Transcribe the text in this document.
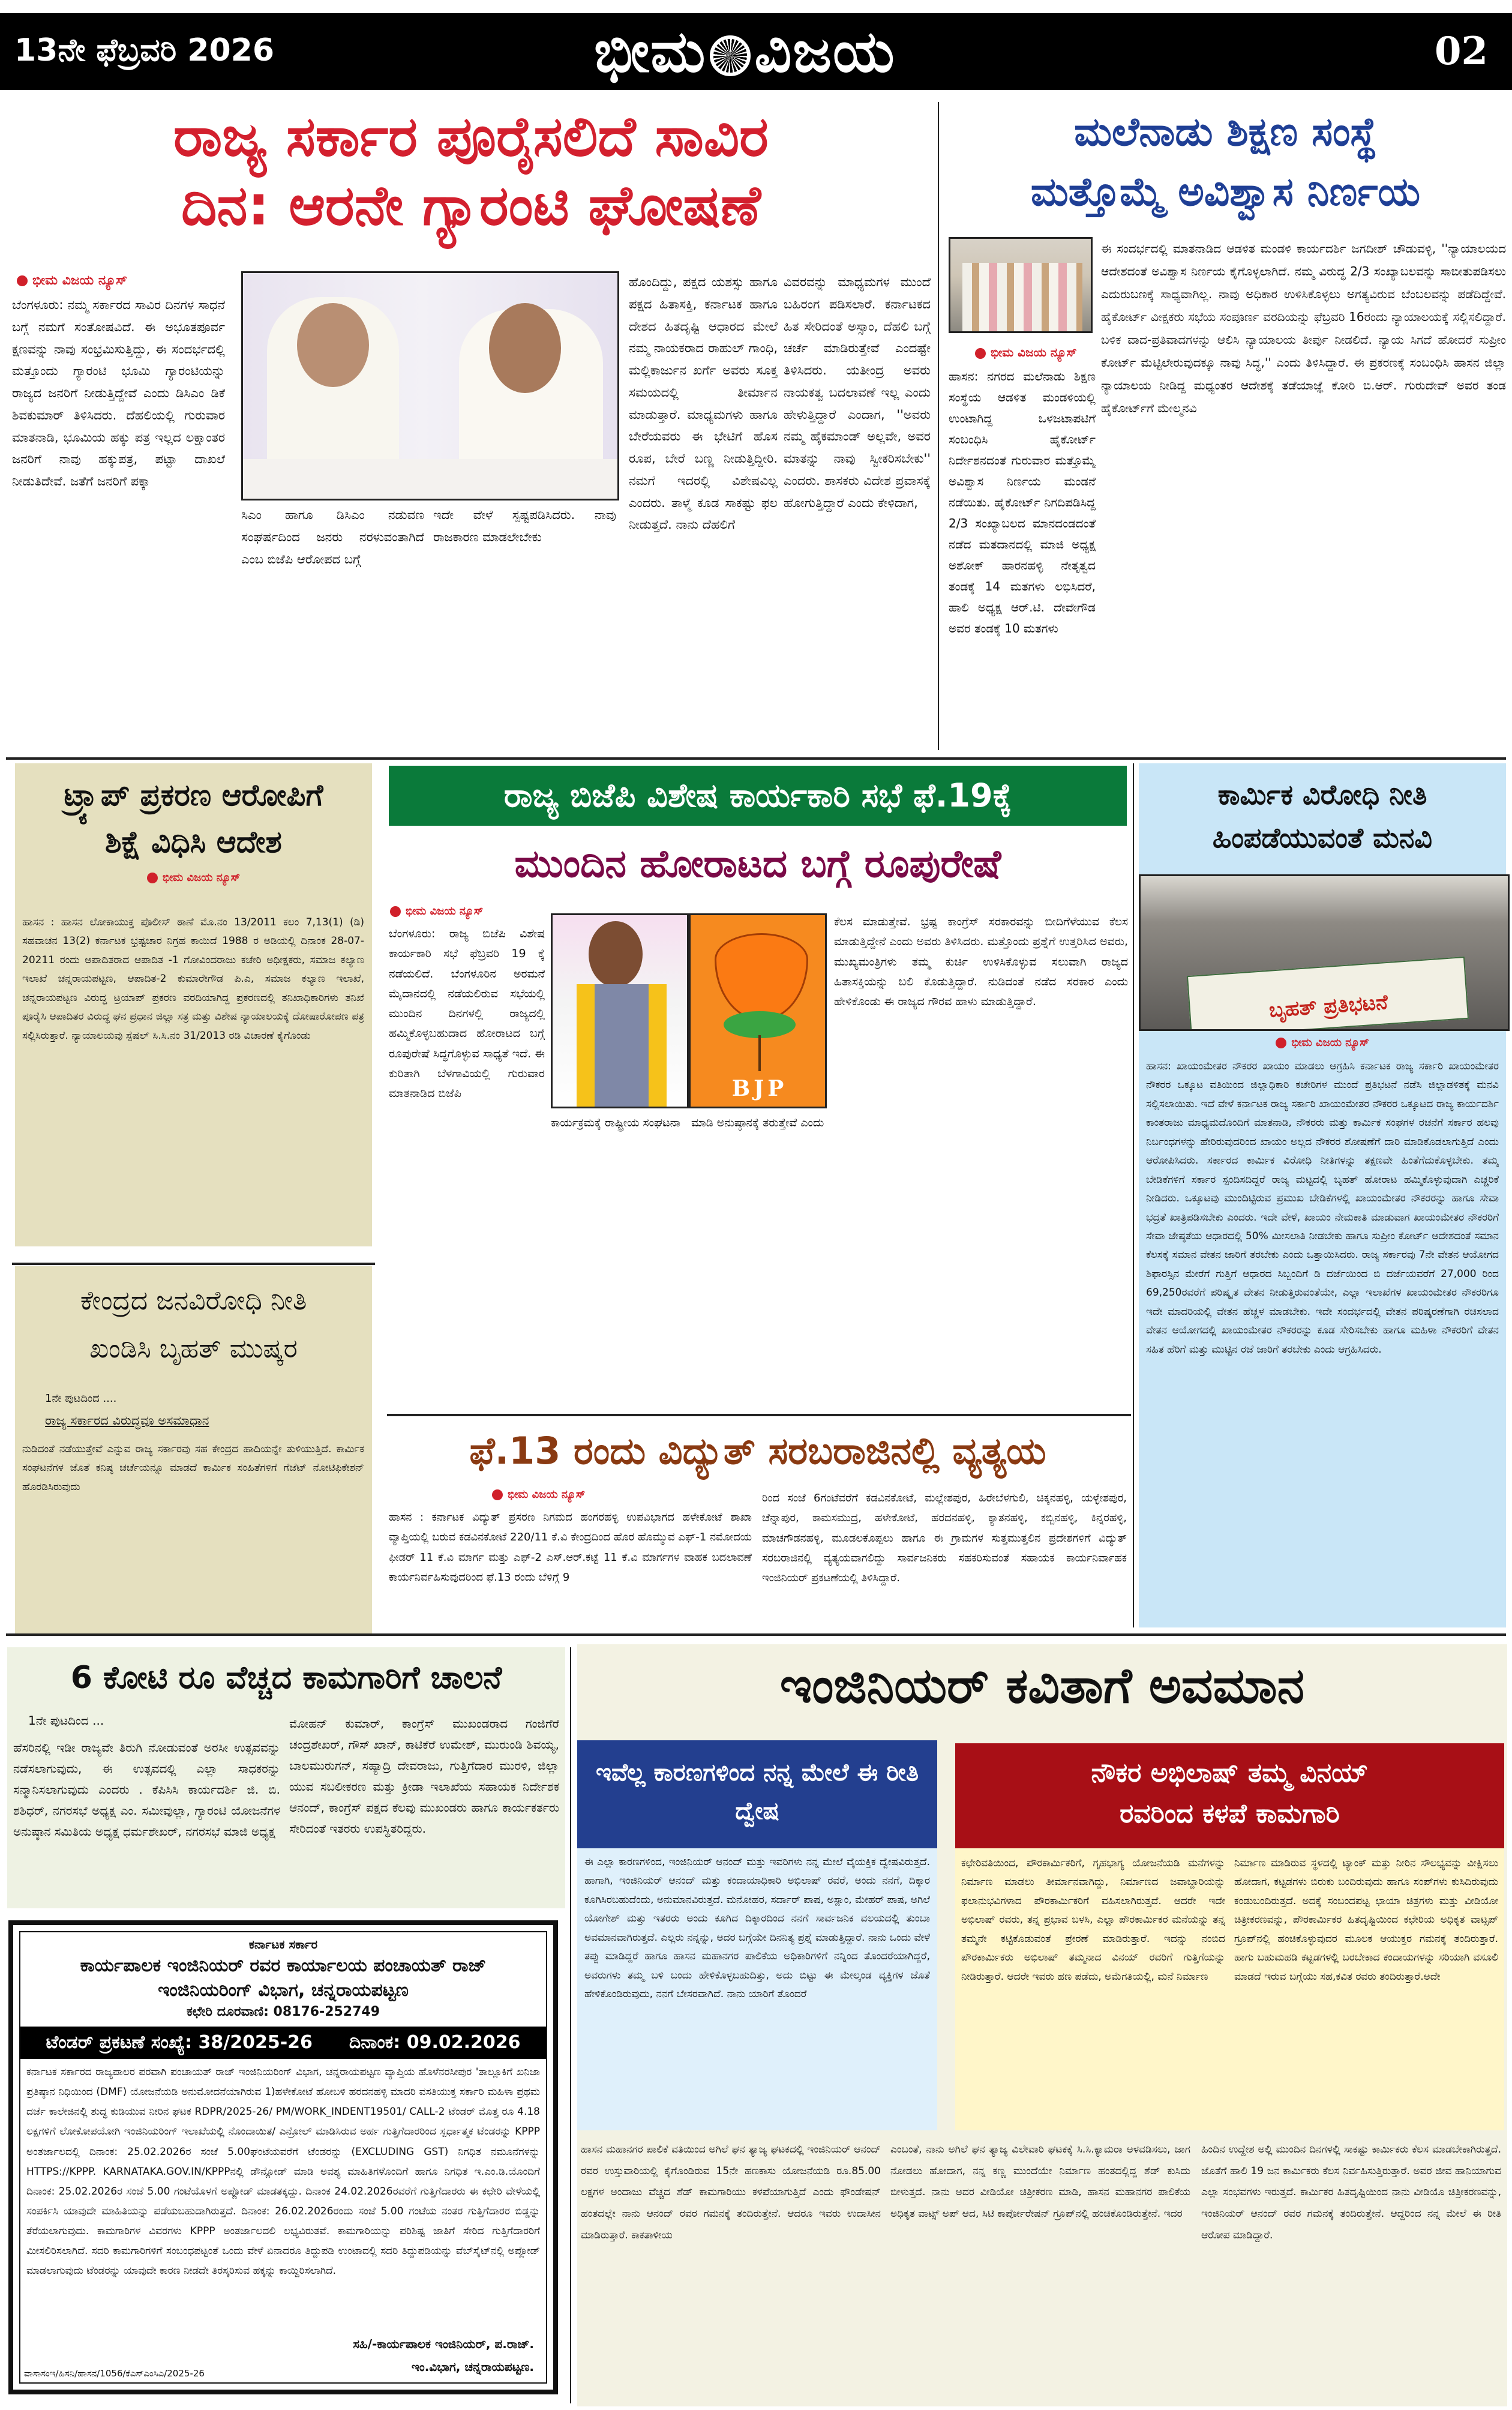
13ನೇ ಫೆಬ್ರವರಿ 2026	ಭೀಮ ವಿಜಯ	02
ರಾಜ್ಯ ಸರ್ಕಾರ ಪೂರೈಸಲಿದೆ ಸಾವಿರ
ದಿನ: ಆರನೇ ಗ್ಯಾರಂಟಿ ಘೋಷಣೆ
ಭೀಮ ವಿಜಯ ನ್ಯೂಸ್
ಬೆಂಗಳೂರು: ನಮ್ಮ ಸರ್ಕಾರದ ಸಾವಿರ ದಿನಗಳ ಸಾಧನೆ ಬಗ್ಗೆ ನಮಗೆ ಸಂತೋಷವಿದೆ. ಈ ಅಭೂತಪೂರ್ವ ಕ್ಷಣವನ್ನು ನಾವು ಸಂಭ್ರಮಿಸುತ್ತಿದ್ದು, ಈ ಸಂದರ್ಭದಲ್ಲಿ ಮತ್ತೊಂದು ಗ್ಯಾರಂಟಿ ಭೂಮಿ ಗ್ಯಾರಂಟಿಯನ್ನು ರಾಜ್ಯದ ಜನರಿಗೆ ನೀಡುತ್ತಿದ್ದೇವೆ ಎಂದು ಡಿಸಿಎಂ ಡಿಕೆ ಶಿವಕುಮಾರ್ ತಿಳಿಸಿದರು. ದೆಹಲಿಯಲ್ಲಿ ಗುರುವಾರ ಮಾತನಾಡಿ, ಭೂಮಿಯ ಹಕ್ಕು ಪತ್ರ ಇಲ್ಲದ ಲಕ್ಷಾಂತರ ಜನರಿಗೆ ನಾವು ಹಕ್ಕುಪತ್ರ, ಪಟ್ಟಾ ದಾಖಲೆ ನೀಡುತಿದೇವೆ. ಜತೆಗೆ ಜನರಿಗೆ ಪಕ್ಕಾ
ಸಿಎಂ ಹಾಗೂ ಡಿಸಿಎಂ ನಡುವಣ ಸಂಘರ್ಷದಿಂದ ಜನರು ನರಳುವಂತಾಗಿದೆ ಎಂಬ ಬಿಜೆಪಿ ಆರೋಪದ ಬಗ್ಗೆ
ಇದೇ ವೇಳೆ ಸ್ಪಷ್ಟಪಡಿಸಿದರು. ನಾವು ರಾಜಕಾರಣ ಮಾಡಲೇಬೇಕು
ಹೊಂದಿದ್ದು, ಪಕ್ಷದ ಯಶಸ್ಸು ಹಾಗೂ ಪಕ್ಷದ ಹಿತಾಸಕ್ತಿ, ಕರ್ನಾಟಕ ಹಾಗೂ ದೇಶದ ಹಿತದೃಷ್ಟಿ ಆಧಾರದ ಮೇಲೆ ನಮ್ಮ ನಾಯಕರಾದ ರಾಹುಲ್ ಗಾಂಧಿ, ಮಲ್ಲಿಕಾರ್ಜುನ ಖರ್ಗೆ ಅವರು ಸೂಕ್ತ ಸಮಯದಲ್ಲಿ ತೀರ್ಮಾನ ಮಾಡುತ್ತಾರೆ. ಮಾಧ್ಯಮಗಳು ಹಾಗೂ ಬೇರೆಯವರು ಈ ಭೇಟಿಗೆ ಹೊಸ ರೂಪ, ಬೇರೆ ಬಣ್ಣ ನೀಡುತ್ತಿದ್ದೀರಿ. ನಮಗೆ ಇದರಲ್ಲಿ ವಿಶೇಷವಿಲ್ಲ ಎಂದರು. ತಾಳ್ಮೆ ಕೂಡ ಸಾಕಷ್ಟು ಫಲ ನೀಡುತ್ತದೆ. ನಾನು ದೆಹಲಿಗೆ
ವಿವರವನ್ನು ಮಾಧ್ಯಮಗಳ ಮುಂದೆ ಬಹಿರಂಗ ಪಡಿಸಲಾರೆ. ಕರ್ನಾಟಕದ ಹಿತ ಸೇರಿದಂತೆ ಅಸ್ಸಾಂ, ದೆಹಲಿ ಬಗ್ಗೆ ಚರ್ಚೆ ಮಾಡಿರುತ್ತೇವೆ ಎಂದಷ್ಟೇ ತಿಳಿಸಿದರು. ಯತೀಂದ್ರ ಅವರು ನಾಯಕತ್ವ ಬದಲಾವಣೆ ಇಲ್ಲ ಎಂದು ಹೇಳುತ್ತಿದ್ದಾರೆ ಎಂದಾಗ, ''ಅವರು ನಮ್ಮ ಹೈಕಮಾಂಡ್ ಅಲ್ಲವೇ, ಅವರ ಮಾತನ್ನು ನಾವು ಸ್ವೀಕರಿಸಬೇಕು'' ಎಂದರು. ಶಾಸಕರು ವಿದೇಶ ಪ್ರವಾಸಕ್ಕೆ ಹೋಗುತ್ತಿದ್ದಾರೆ ಎಂದು ಕೇಳಿದಾಗ,
ಮಲೆನಾಡು ಶಿಕ್ಷಣ ಸಂಸ್ಥೆ
ಮತ್ತೊಮ್ಮೆ ಅವಿಶ್ವಾಸ ನಿರ್ಣಯ
ಭೀಮ ವಿಜಯ ನ್ಯೂಸ್
ಹಾಸನ: ನಗರದ ಮಲೆನಾಡು ಶಿಕ್ಷಣ ಸಂಸ್ಥೆಯ ಆಡಳಿತ ಮಂಡಳಿಯಲ್ಲಿ ಉಂಟಾಗಿದ್ದ ಒಳಜಟಾಪಟಿಗೆ ಸಂಬಂಧಿಸಿ ಹೈಕೋರ್ಟ್ ನಿರ್ದೇಶನದಂತೆ ಗುರುವಾರ ಮತ್ತೊಮ್ಮೆ ಅವಿಶ್ವಾಸ ನಿರ್ಣಯ ಮಂಡನೆ ನಡೆಯಿತು. ಹೈಕೋರ್ಟ್ ನಿಗದಿಪಡಿಸಿದ್ದ 2/3 ಸಂಖ್ಯಾಬಲದ ಮಾನದಂಡದಂತೆ ನಡೆದ ಮತದಾನದಲ್ಲಿ ಮಾಜಿ ಅಧ್ಯಕ್ಷ ಅಶೋಕ್ ಹಾರನಹಳ್ಳಿ ನೇತೃತ್ವದ ತಂಡಕ್ಕೆ 14 ಮತಗಳು ಲಭಿಸಿದರೆ, ಹಾಲಿ ಅಧ್ಯಕ್ಷ ಆರ್.ಟಿ. ದೇವೇಗೌಡ ಅವರ ತಂಡಕ್ಕೆ 10 ಮತಗಳು
ಈ ಸಂದರ್ಭದಲ್ಲಿ ಮಾತನಾಡಿದ ಆಡಳಿತ ಮಂಡಳಿ ಕಾರ್ಯದರ್ಶಿ ಜಗದೀಶ್ ಚೌಡುವಳ್ಳಿ, ''ನ್ಯಾಯಾಲಯದ ಆದೇಶದಂತೆ ಅವಿಶ್ವಾಸ ನಿರ್ಣಯ ಕೈಗೊಳ್ಳಲಾಗಿದೆ. ನಮ್ಮ ವಿರುದ್ಧ 2/3 ಸಂಖ್ಯಾಬಲವನ್ನು ಸಾಬೀತುಪಡಿಸಲು ಎದುರುಬಣಕ್ಕೆ ಸಾಧ್ಯವಾಗಿಲ್ಲ. ನಾವು ಅಧಿಕಾರ ಉಳಿಸಿಕೊಳ್ಳಲು ಅಗತ್ಯವಿರುವ ಬೆಂಬಲವನ್ನು ಪಡೆದಿದ್ದೇವೆ. ಹೈಕೋರ್ಟ್ ವೀಕ್ಷಕರು ಸಭೆಯ ಸಂಪೂರ್ಣ ವರದಿಯನ್ನು ಫೆಬ್ರವರಿ 16ರಂದು ನ್ಯಾಯಾಲಯಕ್ಕೆ ಸಲ್ಲಿಸಲಿದ್ದಾರೆ. ಬಳಿಕ ವಾದ-ಪ್ರತಿವಾದಗಳನ್ನು ಆಲಿಸಿ ನ್ಯಾಯಾಲಯ ತೀರ್ಪು ನೀಡಲಿದೆ. ನ್ಯಾಯ ಸಿಗದೆ ಹೋದರೆ ಸುಪ್ರೀಂ ಕೋರ್ಟ್ ಮೆಟ್ಟಿಲೇರುವುದಕ್ಕೂ ನಾವು ಸಿದ್ಧ,'' ಎಂದು ತಿಳಿಸಿದ್ದಾರೆ. ಈ ಪ್ರಕರಣಕ್ಕೆ ಸಂಬಂಧಿಸಿ ಹಾಸನ ಜಿಲ್ಲಾ ನ್ಯಾಯಾಲಯ ನೀಡಿದ್ದ ಮಧ್ಯಂತರ ಆದೇಶಕ್ಕೆ ತಡೆಯಾಜ್ಞೆ ಕೋರಿ ಬಿ.ಆರ್. ಗುರುದೇವ್ ಅವರ ತಂಡ ಹೈಕೋರ್ಟ್‌ಗೆ ಮೇಲ್ಮನವಿ
ಟ್ರ್ಯಾಪ್ ಪ್ರಕರಣ ಆರೋಪಿಗೆ
ಶಿಕ್ಷೆ ವಿಧಿಸಿ ಆದೇಶ
ಭೀಮ ವಿಜಯ ನ್ಯೂಸ್
ಹಾಸನ : ಹಾಸನ ಲೋಕಾಯುಕ್ತ ಪೊಲೀಸ್ ಠಾಣೆ ಮೊ.ನಂ 13/2011 ಕಲಂ 7,13(1) (ಡಿ) ಸಹವಾಚನ 13(2) ಕರ್ನಾಟಕ ಭ್ರಷ್ಟಚಾರ ನಿಗ್ರಹ ಕಾಯಿದೆ 1988 ರ ಅಡಿಯಲ್ಲಿ ದಿನಾಂಕ 28-07-20211 ರಂದು ಆಪಾದಿತರಾದ ಆಪಾದಿತ -1 ಗೋವಿಂದರಾಜು ಕಚೇರಿ ಅಧೀಕ್ಷಕರು, ಸಮಾಜ ಕಲ್ಯಾಣ ಇಲಾಖೆ ಚನ್ನರಾಯಪಟ್ಟಣ, ಆಪಾದಿತ-2 ಕುಮಾರೇಗೌಡ ಪಿ.ಎ, ಸಮಾಜ ಕಲ್ಯಾಣ ಇಲಾಖೆ, ಚನ್ನರಾಯಪಟ್ಟಣ ವಿರುದ್ಧ ಟ್ರಯಾಪ್ ಪ್ರಕರಣ ವರದಿಯಾಗಿದ್ದ ಪ್ರಕರಣದಲ್ಲಿ ತನಿಖಾಧಿಕಾರಿಗಳು ತನಿಖೆ ಪೂರೈಸಿ ಆಪಾದಿತರ ವಿರುದ್ಧ ಘನ ಪ್ರಧಾನ ಜಿಲ್ಲಾ ಸತ್ರ ಮತ್ತು ವಿಶೇಷ ನ್ಯಾಯಾಲಯಕ್ಕೆ ದೋಷಾರೋಪಣ ಪತ್ರ ಸಲ್ಲಿಸಿರುತ್ತಾರೆ. ನ್ಯಾಯಾಲಯವು ಸ್ಪೆಷಲ್ ಸಿ.ಸಿ.ನಂ 31/2013 ರಡಿ ವಿಚಾರಣೆ ಕೈಗೊಂಡು
ಕೇಂದ್ರದ ಜನವಿರೋಧಿ ನೀತಿ
ಖಂಡಿಸಿ ಬೃಹತ್ ಮುಷ್ಕರ
1ನೇ ಪುಟದಿಂದ ....
ರಾಜ್ಯ ಸರ್ಕಾರದ ವಿರುದ್ಧವೂ ಅಸಮಾಧಾನ
ನುಡಿದಂತೆ ನಡೆಯುತ್ತೇವೆ ಎನ್ನುವ ರಾಜ್ಯ ಸರ್ಕಾರವು ಸಹ ಕೇಂದ್ರದ ಹಾದಿಯನ್ನೇ ತುಳಿಯುತ್ತಿದೆ. ಕಾರ್ಮಿಕ ಸಂಘಟನೆಗಳ ಜೊತೆ ಕನಿಷ್ಠ ಚರ್ಚೆಯನ್ನೂ ಮಾಡದೆ ಕಾರ್ಮಿಕ ಸಂಹಿತೆಗಳಿಗೆ ಗೆಜೆಟ್ ನೋಟಿಫಿಕೇಶನ್ ಹೊರಡಿಸಿರುವುದು
ರಾಜ್ಯ ಬಿಜೆಪಿ ವಿಶೇಷ ಕಾರ್ಯಕಾರಿ ಸಭೆ ಫೆ.19ಕ್ಕೆ
ಮುಂದಿನ ಹೋರಾಟದ ಬಗ್ಗೆ ರೂಪುರೇಷೆ
ಭೀಮ ವಿಜಯ ನ್ಯೂಸ್
ಬೆಂಗಳೂರು: ರಾಜ್ಯ ಬಿಜೆಪಿ ವಿಶೇಷ ಕಾರ್ಯಕಾರಿ ಸಭೆ ಫೆಬ್ರವರಿ 19 ಕ್ಕೆ ನಡೆಯಲಿದೆ. ಬೆಂಗಳೂರಿನ ಅರಮನೆ ಮೈದಾನದಲ್ಲಿ ನಡೆಯಲಿರುವ ಸಭೆಯಲ್ಲಿ ಮುಂದಿನ ದಿನಗಳಲ್ಲಿ ರಾಜ್ಯದಲ್ಲಿ ಹಮ್ಮಿಕೊಳ್ಳಬಹುದಾದ ಹೋರಾಟದ ಬಗ್ಗೆ ರೂಪುರೇಷೆ ಸಿದ್ಧಗೊಳ್ಳುವ ಸಾಧ್ಯತೆ ಇದೆ. ಈ ಕುರಿತಾಗಿ ಬೆಳಗಾವಿಯಲ್ಲಿ ಗುರುವಾರ ಮಾತನಾಡಿದ ಬಿಜೆಪಿ	BJP
ಕಾರ್ಯಕ್ರಮಕ್ಕೆ ರಾಷ್ಟ್ರೀಯ ಸಂಘಟನಾ ಮಾಡಿ ಅನುಷ್ಠಾನಕ್ಕೆ ತರುತ್ತೇವೆ ಎಂದು
ಕೆಲಸ ಮಾಡುತ್ತೇವೆ. ಭ್ರಷ್ಟ ಕಾಂಗ್ರೆಸ್ ಸರಕಾರವನ್ನು ಬೀದಿಗೆಳೆಯುವ ಕೆಲಸ ಮಾಡುತ್ತಿದ್ದೇನೆ ಎಂದು ಅವರು ತಿಳಿಸಿದರು. ಮತ್ತೊಂದು ಪ್ರಶ್ನೆಗೆ ಉತ್ತರಿಸಿದ ಅವರು, ಮುಖ್ಯಮಂತ್ರಿಗಳು ತಮ್ಮ ಕುರ್ಚಿ ಉಳಿಸಿಕೊಳ್ಳುವ ಸಲುವಾಗಿ ರಾಜ್ಯದ ಹಿತಾಸಕ್ತಿಯನ್ನು ಬಲಿ ಕೊಡುತ್ತಿದ್ದಾರೆ. ನುಡಿದಂತೆ ನಡೆದ ಸರಕಾರ ಎಂದು ಹೇಳಿಕೊಂಡು ಈ ರಾಜ್ಯದ ಗೌರವ ಹಾಳು ಮಾಡುತ್ತಿದ್ದಾರೆ.
ಕಾರ್ಮಿಕ ವಿರೋಧಿ ನೀತಿ
ಹಿಂಪಡೆಯುವಂತೆ ಮನವಿ
ಬೃಹತ್ ಪ್ರತಿಭಟನೆ
ಭೀಮ ವಿಜಯ ನ್ಯೂಸ್
ಹಾಸನ: ಖಾಯಂಮೇತರ ನೌಕರರ ಖಾಯಂ ಮಾಡಲು ಆಗ್ರಹಿಸಿ ಕರ್ನಾಟಕ ರಾಜ್ಯ ಸರ್ಕಾರಿ ಖಾಯಂಮೇತರ ನೌಕರರ ಒಕ್ಕೂಟ ವತಿಯಿಂದ ಜಿಲ್ಲಾಧಿಕಾರಿ ಕಚೇರಿಗಳ ಮುಂದೆ ಪ್ರತಿಭಟನೆ ನಡೆಸಿ ಜಿಲ್ಲಾಡಳಿತಕ್ಕೆ ಮನವಿ ಸಲ್ಲಿಸಲಾಯಿತು. ಇದೆ ವೇಳೆ ಕರ್ನಾಟಕ ರಾಜ್ಯ ಸರ್ಕಾರಿ ಖಾಯಂಮೇತರ ನೌಕರರ ಒಕ್ಕೂಟದ ರಾಜ್ಯ ಕಾರ್ಯದರ್ಶಿ ಕಾಂತರಾಜು ಮಾಧ್ಯಮದೊಂದಿಗೆ ಮಾತನಾಡಿ, ನೌಕರರು ಮತ್ತು ಕಾರ್ಮಿಕ ಸಂಘಗಳ ರಚನೆಗೆ ಸರ್ಕಾರ ಹಲವು ನಿರ್ಬಂಧಗಳನ್ನು ಹೇರಿರುವುದರಿಂದ ಖಾಯಂ ಅಲ್ಲದ ನೌಕರರ ಶೋಷಣೆಗೆ ದಾರಿ ಮಾಡಿಕೊಡಲಾಗುತ್ತಿದೆ ಎಂದು ಆರೋಪಿಸಿದರು. ಸರ್ಕಾರದ ಕಾರ್ಮಿಕ ವಿರೋಧಿ ನೀತಿಗಳನ್ನು ತಕ್ಷಣವೇ ಹಿಂತೆಗೆದುಕೊಳ್ಳಬೇಕು. ತಮ್ಮ ಬೇಡಿಕೆಗಳಿಗೆ ಸರ್ಕಾರ ಸ್ಪಂದಿಸದಿದ್ದರೆ ರಾಜ್ಯ ಮಟ್ಟದಲ್ಲಿ ಬೃಹತ್ ಹೋರಾಟ ಹಮ್ಮಿಕೊಳ್ಳುವುದಾಗಿ ಎಚ್ಚರಿಕೆ ನೀಡಿದರು. ಒಕ್ಕೂಟವು ಮುಂದಿಟ್ಟಿರುವ ಪ್ರಮುಖ ಬೇಡಿಕೆಗಳಲ್ಲಿ ಖಾಯಂಮೇತರ ನೌಕರರನ್ನು ಹಾಗೂ ಸೇವಾ ಭದ್ರತೆ ಖಾತ್ರಿಪಡಿಸಬೇಕು ಎಂದರು. ಇದೇ ವೇಳೆ, ಖಾಯಂ ನೇಮಕಾತಿ ಮಾಡುವಾಗ ಖಾಯಂಮೇತರ ನೌಕರರಿಗೆ ಸೇವಾ ಜೇಷ್ಠತೆಯ ಆಧಾರದಲ್ಲಿ 50% ಮೀಸಲಾತಿ ನೀಡಬೇಕು ಹಾಗೂ ಸುಪ್ರೀಂ ಕೋರ್ಟ್ ಆದೇಶದಂತೆ ಸಮಾನ ಕೆಲಸಕ್ಕೆ ಸಮಾನ ವೇತನ ಜಾರಿಗೆ ತರಬೇಕು ಎಂದು ಒತ್ತಾಯಿಸಿದರು. ರಾಜ್ಯ ಸರ್ಕಾರವು 7ನೇ ವೇತನ ಆಯೋಗದ ಶಿಫಾರಸ್ಸಿನ ಮೇರೆಗೆ ಗುತ್ತಿಗೆ ಆಧಾರದ ಸಿಬ್ಬಂದಿಗೆ ಡಿ ದರ್ಜೆಯಿಂದ ಬಿ ದರ್ಜೆಯವರೆಗೆ 27,000 ರಿಂದ 69,250ರವರೆಗೆ ಪರಿಷ್ಕೃತ ವೇತನ ನೀಡುತ್ತಿರುವಂತೆಯೇ, ಎಲ್ಲಾ ಇಲಾಖೆಗಳ ಖಾಯಂಮೇತರ ನೌಕರರಿಗೂ ಇದೇ ಮಾದರಿಯಲ್ಲಿ ವೇತನ ಹೆಚ್ಚಳ ಮಾಡಬೇಕು. ಇದೇ ಸಂದರ್ಭದಲ್ಲಿ ವೇತನ ಪರಿಷ್ಕರಣೆಗಾಗಿ ರಚಿಸಲಾದ ವೇತನ ಆಯೋಗದಲ್ಲಿ ಖಾಯಂಮೇತರ ನೌಕರರನ್ನು ಕೂಡ ಸೇರಿಸಬೇಕು ಹಾಗೂ ಮಹಿಳಾ ನೌಕರರಿಗೆ ವೇತನ ಸಹಿತ ಹೆರಿಗೆ ಮತ್ತು ಮುಟ್ಟಿನ ರಜೆ ಜಾರಿಗೆ ತರಬೇಕು ಎಂದು ಆಗ್ರಹಿಸಿದರು.
ಫೆ.13 ರಂದು ವಿದ್ಯುತ್ ಸರಬರಾಜಿನಲ್ಲಿ ವ್ಯತ್ಯಯ
ಭೀಮ ವಿಜಯ ನ್ಯೂಸ್
ಹಾಸನ : ಕರ್ನಾಟಕ ವಿದ್ಯುತ್ ಪ್ರಸರಣ ನಿಗಮದ ಹಂಗರಹಳ್ಳಿ ಉಪವಿಭಾಗದ ಹಳೇಕೋಟೆ ಶಾಖಾ ವ್ಯಾಪ್ತಿಯಲ್ಲಿ ಬರುವ ಕಡವಿನಕೋಟೆ 220/11 ಕೆ.ವಿ ಕೇಂದ್ರದಿಂದ ಹೊರ ಹೊಮ್ಮುವ ಎಫ್-1 ನಮೋದಯ ಫೀಡರ್ 11 ಕೆ.ವಿ ಮಾರ್ಗ ಮತ್ತು ಎಫ್-2 ಎಸ್.ಆರ್.ಕಟ್ಟೆ 11 ಕೆ.ವಿ ಮಾರ್ಗಗಳ ವಾಹಕ ಬದಲಾವಣೆ ಕಾರ್ಯನಿರ್ವಹಿಸುವುದರಿಂದ ಫೆ.13 ರಂದು ಬೆಳಿಗ್ಗೆ 9
ರಿಂದ ಸಂಜೆ 6ಗಂಟೆವರೆಗೆ ಕಡವಿನಕೋಟೆ, ಮಲ್ಲೇಶಪುರ, ಹಿರೇಬೆಳಗುಲಿ, ಚಿಕ್ಕನಹಳ್ಳಿ, ಯಳ್ಳೇಶಪುರ, ಚೆನ್ನಾಪುರ, ಕಾಮಸಮುದ್ರ, ಹಳೇಕೋಟೆ, ಹರದನಹಳ್ಳಿ, ಕ್ಯಾತನಹಳ್ಳಿ, ಕಬ್ಬಿನಹಳ್ಳಿ, ಕಿನ್ನರಹಳ್ಳಿ, ಮಾಚಗೌಡನಹಳ್ಳಿ, ಮೂಡಲಕೊಪ್ಪಲು ಹಾಗೂ ಈ ಗ್ರಾಮಗಳ ಸುತ್ತಮುತ್ತಲಿನ ಪ್ರದೇಶಗಳಿಗೆ ವಿದ್ಯುತ್ ಸರಬರಾಜಿನಲ್ಲಿ ವ್ಯತ್ಯಯವಾಗಲಿದ್ದು ಸಾರ್ವಜನಿಕರು ಸಹಕರಿಸುವಂತೆ ಸಹಾಯಕ ಕಾರ್ಯನಿರ್ವಾಹಕ ಇಂಜಿನಿಯರ್ ಪ್ರಕಟಣೆಯಲ್ಲಿ ತಿಳಿಸಿದ್ದಾರೆ.
6 ಕೋಟಿ ರೂ ವೆಚ್ಚದ ಕಾಮಗಾರಿಗೆ ಚಾಲನೆ
1ನೇ ಪುಟದಿಂದ ...
ಹೆಸರಿನಲ್ಲಿ ಇಡೀ ರಾಜ್ಯವೇ ತಿರುಗಿ ನೋಡುವಂತೆ ಅರಸೀ ಉತ್ಸವವನ್ನು ನಡೆಸಲಾಗುವುದು, ಈ ಉತ್ಸವದಲ್ಲಿ ಎಲ್ಲಾ ಸಾಧಕರನ್ನು ಸನ್ಮಾನಿಸಲಾಗುವುದು ಎಂದರು . ಕೆಪಿಸಿಸಿ ಕಾರ್ಯದರ್ಶಿ ಜಿ. ಬಿ. ಶಶಿಧರ್, ನಗರಸಭೆ ಅಧ್ಯಕ್ಷ ಎಂ. ಸಮೀವುಲ್ಲಾ, ಗ್ಯಾರಂಟಿ ಯೋಜನೆಗಳ ಅನುಷ್ಠಾನ ಸಮಿತಿಯ ಅಧ್ಯಕ್ಷ ಧರ್ಮಶೇಖರ್, ನಗರಸಭೆ ಮಾಜಿ ಅಧ್ಯಕ್ಷ
ಮೋಹನ್ ಕುಮಾರ್, ಕಾಂಗ್ರೆಸ್ ಮುಖಂಡರಾದ ಗಂಜಿಗೆರೆ ಚಂದ್ರಶೇಖರ್, ಗೌಸ್ ಖಾನ್, ಕಾಟಿಕೆರೆ ಉಮೇಶ್, ಮುರುಂಡಿ ಶಿವಯ್ಯ, ಬಾಲಮುರುಗನ್, ಸಹ್ಯಾದ್ರಿ ದೇವರಾಜು, ಗುತ್ತಿಗೆದಾರ ಮುರಳಿ, ಜಿಲ್ಲಾ ಯುವ ಸಬಲೀಕರಣ ಮತ್ತು ಕ್ರೀಡಾ ಇಲಾಖೆಯ ಸಹಾಯಕ ನಿರ್ದೇಶಕ ಆನಂದ್, ಕಾಂಗ್ರೆಸ್ ಪಕ್ಷದ ಕೆಲವು ಮುಖಂಡರು ಹಾಗೂ ಕಾರ್ಯಕರ್ತರು ಸೇರಿದಂತೆ ಇತರರು ಉಪಸ್ಥಿತರಿದ್ದರು.
ಕರ್ನಾಟಕ ಸರ್ಕಾರ
ಕಾರ್ಯಪಾಲಕ ಇಂಜಿನಿಯರ್ ರವರ ಕಾರ್ಯಾಲಯ ಪಂಚಾಯತ್ ರಾಜ್
ಇಂಜಿನಿಯರಿಂಗ್ ವಿಭಾಗ, ಚನ್ನರಾಯಪಟ್ಟಣ
ಕಛೇರಿ ದೂರವಾಣಿ: 08176-252749
ಟೆಂಡರ್ ಪ್ರಕಟಣೆ ಸಂಖ್ಯೆ: 38/2025-26 ದಿನಾಂಕ: 09.02.2026
ಕರ್ನಾಟಕ ಸರ್ಕಾರದ ರಾಜ್ಯಪಾಲರ ಪರವಾಗಿ ಪಂಚಾಯತ್ ರಾಜ್ ಇಂಜಿನಿಯರಿಂಗ್ ವಿಭಾಗ, ಚನ್ನರಾಯಪಟ್ಟಣ ವ್ಯಾಪ್ತಿಯ ಹೊಳೆನರಸೀಪುರ 'ತಾಲ್ಲೂಕಿಗೆ ಖನಿಜಾ ಪ್ರತಿಷ್ಠಾನ ನಿಧಿಯಿಂದ (DMF) ಯೋಜನೆಯಡಿ ಅನುಮೋದನೆಯಾಗಿರುವ 1)ಹಳೇಕೋಟೆ ಹೋಬಳಿ ಹರದನಹಳ್ಳಿ ಮಾದರಿ ವಸತಿಯುಕ್ತ ಸರ್ಕಾರಿ ಮಹಿಳಾ ಪ್ರಥಮ ದರ್ಜೆ ಕಾಲೇಜಿನಲ್ಲಿ ಶುದ್ಧ ಕುಡಿಯುವ ನೀರಿನ ಘಟಕ RDPR/2025-26/ PM/WORK_INDENT19501/ CALL-2 ಟೆಂಡರ್ ಮೊತ್ತ ರೂ 4.18 ಲಕ್ಷಗಳಿಗೆ ಲೋಕೋಪಯೋಗಿ ಇಂಜಿನಿಯರಿಂಗ್ ಇಲಾಖೆಯಲ್ಲಿ ನೊಂದಾಯಿತ/ ಎನ್ರೋಲ್ ಮಾಡಿಸಿರುವ ಅರ್ಹ ಗುತ್ತಿಗೆದಾರರಿಂದ ಸ್ಪರ್ಧಾತ್ಮಕ ಟೆಂಡರನ್ನು KPPP ಅಂತರ್ಜಾಲದಲ್ಲಿ ದಿನಾಂಕ: 25.02.2026ರ ಸಂಜೆ 5.00ಘಂಟೆಯವರೆಗೆ ಟೆಂಡರನ್ನು (EXCLUDING GST) ನಿಗಧಿತ ನಮೂನೆಗಳನ್ನು HTTPS://KPPP. KARNATAKA.GOV.IN/KPPPನಲ್ಲಿ ಡೌನ್ಲೋಡ್ ಮಾಡಿ ಅವಶ್ಯ ಮಾಹಿತಿಗಳೊಂದಿಗೆ ಹಾಗೂ ನಿಗಧಿತ ಇ.ಎಂ.ಡಿ.ಯೊಂದಿಗೆ ದಿನಾಂಕ: 25.02.2026ರ ಸಂಜೆ 5.00 ಗಂಟೆಯೊಳಗೆ ಅಪ್ಲೋಡ್ ಮಾಡತಕ್ಕದ್ದು. ದಿನಾಂಕ 24.02.2026ರವರೆಗೆ ಗುತ್ತಿಗೆದಾರರು ಈ ಕಛೇರಿ ವೇಳೆಯಲ್ಲಿ ಸಂಪರ್ಕಿಸಿ ಯಾವುದೇ ಮಾಹಿತಿಯನ್ನು ಪಡೆಯಬಹುದಾಗಿರುತ್ತದೆ. ದಿನಾಂಕ: 26.02.2026ರಂದು ಸಂಜೆ 5.00 ಗಂಟೆಯ ನಂತರ ಗುತ್ತಿಗೆದಾರರ ಬಿಡ್ಡನ್ನು ತೆರೆಯಲಾಗುವುದು. ಕಾಮಗಾರಿಗಳ ವಿವರಗಳು KPPP ಅಂತರ್ಜಾಲದಲಿ ಲಭ್ಯವಿರುತವೆ. ಕಾಮಗಾರಿಯನ್ನು ಪರಿಶಿಷ್ಟ ಜಾತಿಗೆ ಸೇರಿದ ಗುತ್ತಿಗೆದಾರರಿಗೆ ಮೀಸಲಿರಿಸಲಾಗಿದೆ. ಸದರಿ ಕಾಮಗಾರಿಗಳಿಗೆ ಸಂಬಂಧಪಟ್ಟಂತೆ ಒಂದು ವೇಳೆ ಏನಾದರೂ ತಿದ್ದುಪಡಿ ಉಂಟಾದಲ್ಲಿ ಸದರಿ ತಿದ್ದುಪಡಿಯನ್ನು ವೆಬ್‌ಸೈಟ್‌ನಲ್ಲಿ ಅಪ್ಲೋಡ್ ಮಾಡಲಾಗುವುದು ಟೆಂಡರನ್ನು ಯಾವುದೇ ಕಾರಣ ನೀಡದೇ ತಿರಸ್ಕರಿಸುವ ಹಕ್ಕನ್ನು ಕಾಯ್ದಿರಿಸಲಾಗಿದೆ.
ಸಹಿ/-ಕಾರ್ಯಪಾಲಕ ಇಂಜಿನಿಯರ್, ಪ.ರಾಜ್.
ಇಂ.ವಿಭಾಗ, ಚನ್ನರಾಯಪಟ್ಟಣ.
ವಾಸಾಸಂಇ/ಹಿಸನಿ/ಹಾಸನ/1056/ಕೆಎಸ್ಎಂಸಿಎ/2025-26
ಇಂಜಿನಿಯರ್ ಕವಿತಾಗೆ ಅವಮಾನ
ಇವೆಲ್ಲ ಕಾರಣಗಳಿಂದ ನನ್ನ ಮೇಲೆ ಈ ರೀತಿ ದ್ವೇಷ
ಈ ಎಲ್ಲಾ ಕಾರಣಗಳಿಂದ, ಇಂಜಿನಿಯರ್ ಆನಂದ್ ಮತ್ತು ಇವರಿಗಳು ನನ್ನ ಮೇಲೆ ವೈಯಕ್ತಿಕ ದ್ವೇಷವಿರುತ್ತದೆ. ಹಾಗಾಗಿ, ಇಂಜಿನಿಯರ್ ಆನಂದ್ ಮತ್ತು ಕಂದಾಯಾಧಿಕಾರಿ ಅಭಿಲಾಷ್ ರವರೆ, ಅಂದು ನನಗೆ, ದಿಕ್ಕಾರ ಕೂಗಿಸಿರಬಹುದೆಂದು, ಅನುಮಾನವಿರುತ್ತದೆ. ಮನೋಹರ, ಸರ್ದಾರ್ ಪಾಷ, ಅಸ್ಲಾಂ, ಮೇಹರ್ ಪಾಷ, ಅಗಿಲೆ ಯೋಗೇಶ್ ಮತ್ತು ಇತರರು ಅಂದು ಕೂಗಿದ ದಿಕ್ಕಾರದಿಂದ ನನಗೆ ಸಾರ್ವಜನಿಕ ವಲಯದಲ್ಲಿ ತುಂಬಾ ಅವಮಾನವಾಗಿರುತ್ತದೆ. ಎಲ್ಲರು ನನ್ನನ್ನು, ಅದರ ಬಗ್ಗೆಯೇ ದಿನನಿತ್ಯ ಪ್ರಶ್ನೆ ಮಾಡುತ್ತಿದ್ದಾರೆ. ನಾನು ಒಂದು ವೇಳೆ ತಪ್ಪು ಮಾಡಿದ್ದರೆ ಹಾಗೂ ಹಾಸನ ಮಹಾನಗರ ಪಾಲಿಕೆಯ ಅಧಿಕಾರಿಗಳಿಗೆ ನನ್ನಿಂದ ತೊಂದರೆಯಾಗಿದ್ದರೆ, ಅವರುಗಳು ತಮ್ಮ ಬಳಿ ಬಂದು ಹೇಳಿಕೊಳ್ಳಬಹುದಿತ್ತು, ಅದು ಬಿಟ್ಟು ಈ ಮೇಲ್ಕಂಡ ವ್ಯಕ್ತಿಗಳ ಜೊತೆ ಹೇಳಿಕೊಂಡಿರುವುದು, ನನಗೆ ಬೇಸರವಾಗಿದೆ. ನಾನು ಯಾರಿಗೆ ತೊಂದರೆ
ನೌಕರ ಅಭಿಲಾಷ್ ತಮ್ಮ ವಿನಯ್
ರವರಿಂದ ಕಳಪೆ ಕಾಮಗಾರಿ
ಕಛೇರಿವತಿಯಿಂದ, ಪೌರಕಾರ್ಮಿಕರಿಗೆ, ಗೃಹಭಾಗ್ಯ ಯೋಜನೆಯಡಿ ಮನೆಗಳನ್ನು ನಿರ್ಮಾಣ ಮಾಡಲು ತೀರ್ಮಾನವಾಗಿದ್ದು, ನಿರ್ಮಾಣದ ಜವಾಬ್ದಾರಿಯನ್ನು ಫಲಾನುಭವಿಗಳಾದ ಪೌರಕಾರ್ಮಿಕರಿಗೆ ವಹಿಸಲಾಗಿರುತ್ತದೆ. ಆದರೇ ಇದೇ ಅಭಿಲಾಷ್ ರವರು, ತನ್ನ ಪ್ರಭಾವ ಬಳಸಿ, ಎಲ್ಲಾ ಪೌರಕಾರ್ಮಿಕರ ಮನೆಯನ್ನು ತನ್ನ ತಮ್ಮನೇ ಕಟ್ಟಿಕೊಡುವಂತೆ ಪ್ರೇರಣೆ ಮಾಡಿರುತ್ತಾರೆ. ಇದನ್ನು ನಂಬಿದ ಪೌರಕಾರ್ಮಿಕರು ಅಭಿಲಾಷ್ ತಮ್ಮನಾದ ವಿನಯ್ ರವರಿಗೆ ಗುತ್ತಿಗೆಯನ್ನು ನೀಡಿರುತ್ತಾರೆ. ಆದರೇ ಇವರು ಹಣ ಪಡೆದು, ಅಮೆಗತಿಯಲ್ಲಿ, ಮನೆ ನಿರ್ಮಾಣ
ನಿರ್ಮಾಣ ಮಾಡಿರುವ ಸ್ಥಳದಲ್ಲಿ ಟ್ಯಾಂಕ್ ಮತ್ತು ನೀರಿನ ಸೌಲಭ್ಯವನ್ನು ವೀಕ್ಷಿಸಲು ಹೋದಾಗ, ಕಟ್ಟಡಗಳು ಬಿರುಕು ಬಂದಿರುವುದು ಹಾಗೂ ಸಂಪ್‌ಗಳು ಕುಸಿದಿರುವುದು ಕಂಡುಬಂದಿರುತ್ತದೆ. ಅದಕ್ಕೆ ಸಂಬಂದಪಟ್ಟ ಛಾಯಾ ಚಿತ್ರಗಳು ಮತ್ತು ವೀಡಿಯೋ ಚಿತ್ರೀಕರಣವನ್ನು, ಪೌರಕಾರ್ಮಿಕರ ಹಿತದೃಷ್ಟಿಯಿಂದ ಕಛೇರಿಯ ಅಧಿಕೃತ ವಾಟ್ಸಪ್ ಗ್ರೂಪ್‌ನಲ್ಲಿ ಹಂಚಿಕೊಳ್ಳುವುದರ ಮೂಲಕ ಆಯುಕ್ತರ ಗಮನಕ್ಕೆ ತಂದಿರುತ್ತಾರೆ. ಹಾಗು ಬಹುಮಹಡಿ ಕಟ್ಟಡಗಳಲ್ಲಿ ಬರಬೇಕಾದ ಕಂದಾಯಗಳನ್ನು ಸರಿಯಾಗಿ ವಸೂಲಿ ಮಾಡದೆ ಇರುವ ಬಗ್ಗೆಯು ಸಹ,ಕವಿತ ರವರು ತಂದಿರುತ್ತಾರೆ.ಅದೇ
ಹಾಸನ ಮಹಾನಗರ ಪಾಲಿಕೆ ವತಿಯಿಂದ ಅಗಿಲೆ ಘನ ತ್ಯಾಜ್ಯ ಘಟಕದಲ್ಲಿ ಇಂಜಿನಿಯರ್ ಆನಂದ್ ರವರ ಉಸ್ತುವಾರಿಯಲ್ಲಿ ಕೈಗೊಂಡಿರುವ 15ನೇ ಹಣಕಾಸು ಯೋಜನೆಯಡಿ ರೂ.85.00 ಲಕ್ಷಗಳ ಅಂದಾಜು ವೆಚ್ಚದ ಶೆಡ್ ಕಾಮಗಾರಿಯು ಕಳಪೆಯಾಗುತ್ತಿದೆ ಎಂದು ಫೌಂಡೇಷನ್ ಹಂತದಲ್ಲೇ ನಾನು ಆನಂದ್ ರವರ ಗಮನಕ್ಕೆ ತಂದಿರುತ್ತೇನೆ. ಆದರೂ ಇವರು ಉದಾಸೀನ ಮಾಡಿರುತ್ತಾರೆ. ಕಾಕತಾಳೀಯ
ಎಂಬಂತೆ, ನಾನು ಅಗಿಲೆ ಘನ ತ್ಯಾಜ್ಯ ವಿಲೇವಾರಿ ಘಟಕಕ್ಕೆ ಸಿ.ಸಿ.ಕ್ಯಾಮರಾ ಅಳವಡಿಸಲು, ಜಾಗ ನೋಡಲು ಹೋದಾಗ, ನನ್ನ ಕಣ್ಣ ಮುಂದೆಯೇ ನಿರ್ಮಾಣ ಹಂತದಲ್ಲಿದ್ದ ಶೆಡ್ ಕುಸಿದು ಬೀಳುತ್ತದೆ. ನಾನು ಅದರ ವೀಡಿಯೋ ಚಿತ್ರೀಕರಣ ಮಾಡಿ, ಹಾಸನ ಮಹಾನಗರ ಪಾಲಿಕೆಯ ಅಧಿಕೃತ ವಾಟ್ಸ್ ಅಪ್ ಆದ, ಸಿಟಿ ಕಾರ್ಪೋರೇಷನ್ ಗ್ರೂಪ್‌ನಲ್ಲಿ ಹಂಚಿಕೊಂಡಿರುತ್ತೇನೆ. ಇದರ
ಹಿಂದಿನ ಉದ್ದೇಶ ಅಲ್ಲಿ ಮುಂದಿನ ದಿನಗಳಲ್ಲಿ ಸಾಕಷ್ಟು ಕಾರ್ಮಿಕರು ಕೆಲಸ ಮಾಡಬೇಕಾಗಿರುತ್ತದೆ. ಜೊತೆಗೆ ಹಾಲಿ 19 ಜನ ಕಾರ್ಮಿಕರು ಕೆಲಸ ನಿರ್ವಹಿಸುತ್ತಿರುತ್ತಾರೆ. ಅವರ ಜೀವ ಹಾನಿಯಾಗುವ ಎಲ್ಲಾ ಸಂಭವಗಳು ಇರುತ್ತದೆ. ಕಾರ್ಮಿಕರ ಹಿತದೃಷ್ಟಿಯಿಂದ ನಾನು ವೀಡಿಯೊ ಚಿತ್ರೀಕರಣವನ್ನು, ಇಂಜಿನಿಯರ್ ಆನಂದ್ ರವರ ಗಮನಕ್ಕೆ ತಂದಿರುತ್ತೇನೆ. ಆದ್ದರಿಂದ ನನ್ನ ಮೇಲೆ ಈ ರೀತಿ ಆರೋಪ ಮಾಡಿದ್ದಾರೆ.
